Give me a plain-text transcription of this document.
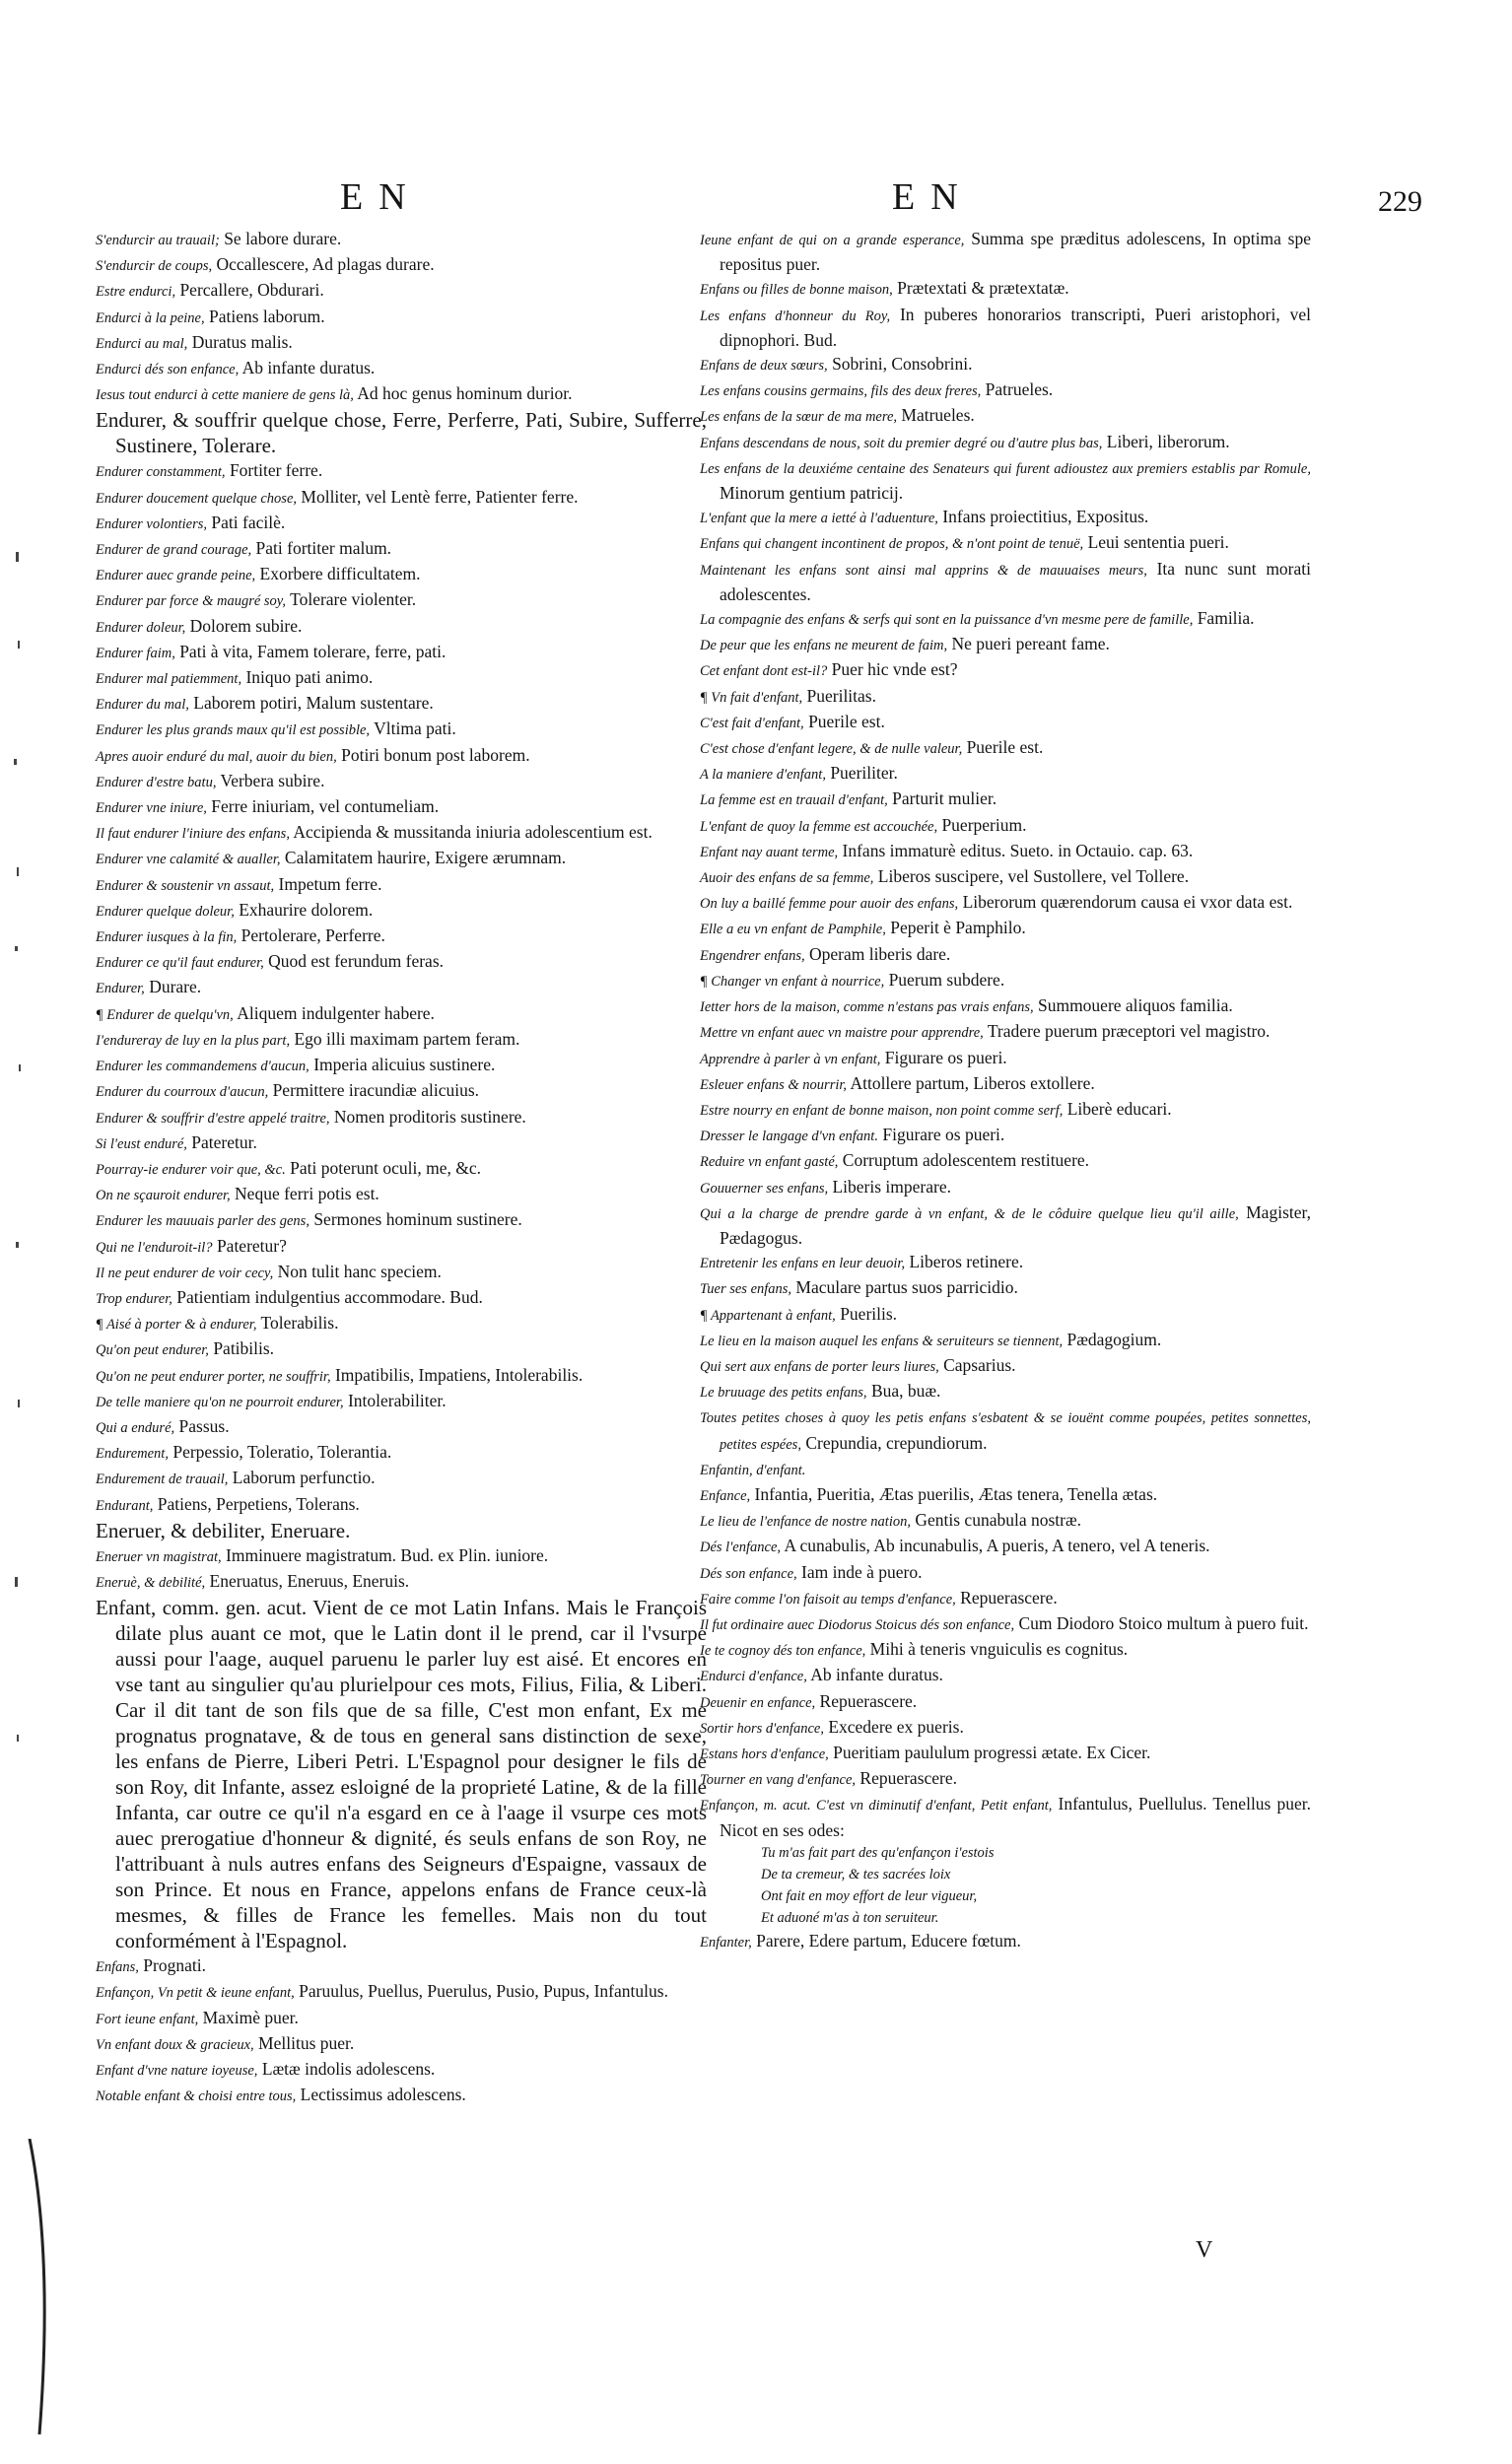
EN	EN	229

S'endurcir au trauail; Se labore durare.

S'endurcir de coups, Occallescere, Ad plagas durare.

Estre endurci, Percallere, Obdurari.

Endurci à la peine, Patiens laborum.

Endurci au mal, Duratus malis.

Endurci dés son enfance, Ab infante duratus.

Iesus tout endurci à cette maniere de gens là, Ad hoc genus hominum durior.

Endurer, & souffrir quelque chose, Ferre, Perferre, Pati, Subire, Sufferre, Sustinere, Tolerare.

Endurer constamment, Fortiter ferre.

Endurer doucement quelque chose, Molliter, vel Lentè ferre, Patienter ferre.

Endurer volontiers, Pati facilè.

Endurer de grand courage, Pati fortiter malum.

Endurer auec grande peine, Exorbere difficultatem.

Endurer par force & maugré soy, Tolerare violenter.

Endurer doleur, Dolorem subire.

Endurer faim, Pati à vita, Famem tolerare, ferre, pati.

Endurer mal patiemment, Iniquo pati animo.

Endurer du mal, Laborem potiri, Malum sustentare.

Endurer les plus grands maux qu'il est possible, Vltima pati.

Apres auoir enduré du mal, auoir du bien, Potiri bonum post laborem.

Endurer d'estre batu, Verbera subire.

Endurer vne iniure, Ferre iniuriam, vel contumeliam.

Il faut endurer l'iniure des enfans, Accipienda & mussitanda iniuria adolescentium est.

Endurer vne calamité & aualler, Calamitatem haurire, Exigere ærumnam.

Endurer & soustenir vn assaut, Impetum ferre.

Endurer quelque doleur, Exhaurire dolorem.

Endurer iusques à la fin, Pertolerare, Perferre.

Endurer ce qu'il faut endurer, Quod est ferundum feras.

Endurer, Durare.

¶ Endurer de quelqu'vn, Aliquem indulgenter habere.

I'endureray de luy en la plus part, Ego illi maximam partem feram.

Endurer les commandemens d'aucun, Imperia alicuius sustinere.

Endurer du courroux d'aucun, Permittere iracundiæ alicuius.

Endurer & souffrir d'estre appelé traitre, Nomen proditoris sustinere.

Si l'eust enduré, Pateretur.

Pourray-ie endurer voir que, &c. Pati poterunt oculi, me, &c.

On ne sçauroit endurer, Neque ferri potis est.

Endurer les mauuais parler des gens, Sermones hominum sustinere.

Qui ne l'enduroit-il? Pateretur?

Il ne peut endurer de voir cecy, Non tulit hanc speciem.

Trop endurer, Patientiam indulgentius accommodare. Bud.

¶ Aisé à porter & à endurer, Tolerabilis.

Qu'on peut endurer, Patibilis.

Qu'on ne peut endurer porter, ne souffrir, Impatibilis, Impatiens, Intolerabilis.

De telle maniere qu'on ne pourroit endurer, Intolerabiliter.

Qui a enduré, Passus.

Endurement, Perpessio, Toleratio, Tolerantia.

Endurement de trauail, Laborum perfunctio.

Endurant, Patiens, Perpetiens, Tolerans.

Eneruer, & debiliter, Eneruare.

Eneruer vn magistrat, Imminuere magistratum. Bud. ex Plin. iuniore.

Eneruè, & debilité, Eneruatus, Eneruus, Eneruis.

Enfant, comm. gen. acut. Vient de ce mot Latin Infans. Mais le François dilate plus auant ce mot, que le Latin dont il le prend, car il l'vsurpe aussi pour l'aage, auquel paruenu le parler luy est aisé. Et encores en vse tant au singulier qu'au plurielpour ces mots, Filius, Filia, & Liberi. Car il dit tant de son fils que de sa fille, C'est mon enfant, Ex me prognatus prognatave, & de tous en general sans distinction de sexe, les enfans de Pierre, Liberi Petri. L'Espagnol pour designer le fils de son Roy, dit Infante, assez esloigné de la proprieté Latine, & de la fille Infanta, car outre ce qu'il n'a esgard en ce à l'aage il vsurpe ces mots auec prerogatiue d'honneur & dignité, és seuls enfans de son Roy, ne l'attribuant à nuls autres enfans des Seigneurs d'Espaigne, vassaux de son Prince. Et nous en France, appelons enfans de France ceux-là mesmes, & filles de France les femelles. Mais non du tout conformément à l'Espagnol.

Enfans, Prognati.

Enfançon, Vn petit & ieune enfant, Paruulus, Puellus, Puerulus, Pusio, Pupus, Infantulus.

Fort ieune enfant, Maximè puer.

Vn enfant doux & gracieux, Mellitus puer.

Enfant d'vne nature ioyeuse, Lætæ indolis adolescens.

Notable enfant & choisi entre tous, Lectissimus adolescens.

Ieune enfant de qui on a grande esperance, Summa spe præditus adolescens, In optima spe repositus puer.

Enfans ou filles de bonne maison, Prætextati & prætextatæ.

Les enfans d'honneur du Roy, In puberes honorarios transcripti, Pueri aristophori, vel dipnophori. Bud.

Enfans de deux sœurs, Sobrini, Consobrini.

Les enfans cousins germains, fils des deux freres, Patrueles.

Les enfans de la sœur de ma mere, Matrueles.

Enfans descendans de nous, soit du premier degré ou d'autre plus bas, Liberi, liberorum.

Les enfans de la deuxiéme centaine des Senateurs qui furent adioustez aux premiers establis par Romule, Minorum gentium patricij.

L'enfant que la mere a ietté à l'aduenture, Infans proiectitius, Expositus.

Enfans qui changent incontinent de propos, & n'ont point de tenuë, Leui sententia pueri.

Maintenant les enfans sont ainsi mal apprins & de mauuaises meurs, Ita nunc sunt morati adolescentes.

La compagnie des enfans & serfs qui sont en la puissance d'vn mesme pere de famille, Familia.

De peur que les enfans ne meurent de faim, Ne pueri pereant fame.

Cet enfant dont est-il? Puer hic vnde est?

¶ Vn fait d'enfant, Puerilitas.

C'est fait d'enfant, Puerile est.

C'est chose d'enfant legere, & de nulle valeur, Puerile est.

A la maniere d'enfant, Pueriliter.

La femme est en trauail d'enfant, Parturit mulier.

L'enfant de quoy la femme est accouchée, Puerperium.

Enfant nay auant terme, Infans immaturè editus. Sueto. in Octauio. cap. 63.

Auoir des enfans de sa femme, Liberos suscipere, vel Sustollere, vel Tollere.

On luy a baillé femme pour auoir des enfans, Liberorum quærendorum causa ei vxor data est.

Elle a eu vn enfant de Pamphile, Peperit è Pamphilo.

Engendrer enfans, Operam liberis dare.

¶ Changer vn enfant à nourrice, Puerum subdere.

Ietter hors de la maison, comme n'estans pas vrais enfans, Summouere aliquos familia.

Mettre vn enfant auec vn maistre pour apprendre, Tradere puerum præceptori vel magistro.

Apprendre à parler à vn enfant, Figurare os pueri.

Esleuer enfans & nourrir, Attollere partum, Liberos extollere.

Estre nourry en enfant de bonne maison, non point comme serf, Liberè educari.

Dresser le langage d'vn enfant. Figurare os pueri.

Reduire vn enfant gasté, Corruptum adolescentem restituere.

Gouuerner ses enfans, Liberis imperare.

Qui a la charge de prendre garde à vn enfant, & de le côduire quelque lieu qu'il aille, Magister, Pædagogus.

Entretenir les enfans en leur deuoir, Liberos retinere.

Tuer ses enfans, Maculare partus suos parricidio.

¶ Appartenant à enfant, Puerilis.

Le lieu en la maison auquel les enfans & seruiteurs se tiennent, Pædagogium.

Qui sert aux enfans de porter leurs liures, Capsarius.

Le bruuage des petits enfans, Bua, buæ.

Toutes petites choses à quoy les petis enfans s'esbatent & se iouënt comme poupées, petites sonnettes, petites espées, Crepundia, crepundiorum.

Enfantin, d'enfant.

Enfance, Infantia, Pueritia, Ætas puerilis, Ætas tenera, Tenella ætas.

Le lieu de l'enfance de nostre nation, Gentis cunabula nostræ.

Dés l'enfance, A cunabulis, Ab incunabulis, A pueris, A tenero, vel A teneris.

Dés son enfance, Iam inde à puero.

Faire comme l'on faisoit au temps d'enfance, Repuerascere.

Il fut ordinaire auec Diodorus Stoicus dés son enfance, Cum Diodoro Stoico multum à puero fuit.

Ie te cognoy dés ton enfance, Mihi à teneris vnguiculis es cognitus.

Endurci d'enfance, Ab infante duratus.

Deuenir en enfance, Repuerascere.

Sortir hors d'enfance, Excedere ex pueris.

Estans hors d'enfance, Pueritiam paululum progressi ætate. Ex Cicer.

Tourner en vang d'enfance, Repuerascere.

Enfançon, m. acut. C'est vn diminutif d'enfant, Petit enfant, Infantulus, Puellulus. Tenellus puer. Nicot en ses odes:

Tu m'as fait part des qu'enfançon i'estois

De ta cremeur, & tes sacrées loix

Ont fait en moy effort de leur vigueur,

Et aduoné m'as à ton seruiteur.

Enfanter, Parere, Edere partum, Educere fœtum.

V
